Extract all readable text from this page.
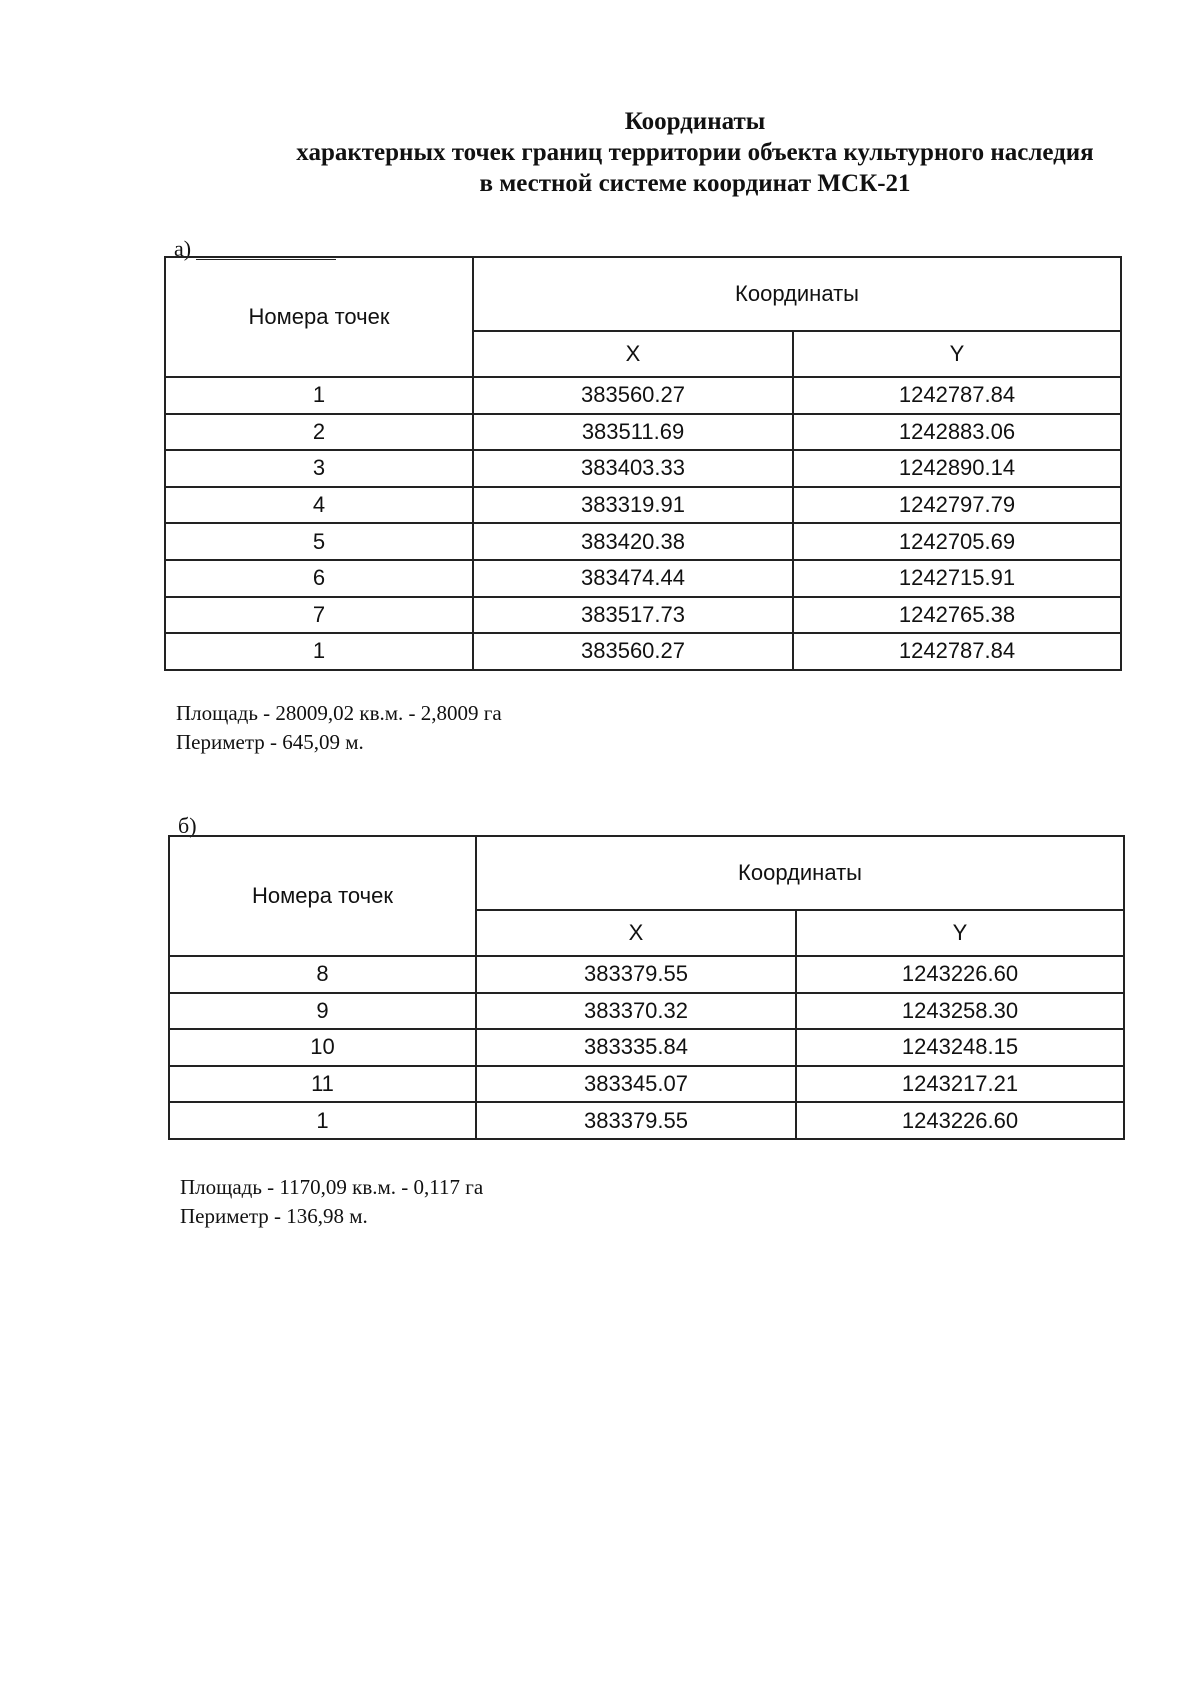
Координаты
характерных точек границ территории объекта культурного наследия
в местной системе координат МСК-21
а)
Номера точек	Координаты	
	X	Y
1	383560.27	1242787.84
2	383511.69	1242883.06
3	383403.33	1242890.14
4	383319.91	1242797.79
5	383420.38	1242705.69
6	383474.44	1242715.91
7	383517.73	1242765.38
1	383560.27	1242787.84
Площадь - 28009,02 кв.м. - 2,8009 га
Периметр - 645,09 м.
б)
Номера точек	Координаты	
	X	Y
8	383379.55	1243226.60
9	383370.32	1243258.30
10	383335.84	1243248.15
11	383345.07	1243217.21
1	383379.55	1243226.60
Площадь - 1170,09 кв.м. - 0,117 га
Периметр - 136,98 м.
